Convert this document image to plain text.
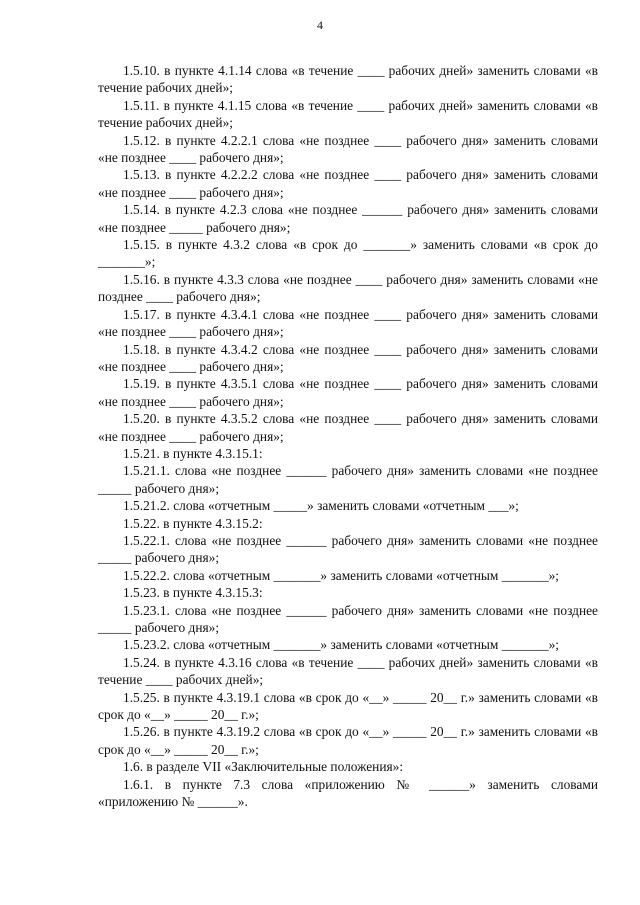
4

1.5.10. в пункте 4.1.14 слова «в течение ____ рабочих дней» заменить словами «в течение рабочих дней»;

1.5.11. в пункте 4.1.15 слова «в течение ____ рабочих дней» заменить словами «в течение рабочих дней»;

1.5.12. в пункте 4.2.2.1 слова «не позднее ____ рабочего дня» заменить словами «не позднее ____ рабочего дня»;

1.5.13. в пункте 4.2.2.2 слова «не позднее ____ рабочего дня» заменить словами «не позднее ____ рабочего дня»;

1.5.14. в пункте 4.2.3 слова «не позднее ______ рабочего дня» заменить словами «не позднее _____ рабочего дня»;

1.5.15. в пункте 4.3.2 слова «в срок до _______» заменить словами «в срок до _______»;

1.5.16. в пункте 4.3.3 слова «не позднее ____ рабочего дня» заменить словами «не позднее ____ рабочего дня»;

1.5.17. в пункте 4.3.4.1 слова «не позднее ____ рабочего дня» заменить словами «не позднее ____ рабочего дня»;

1.5.18. в пункте 4.3.4.2 слова «не позднее ____ рабочего дня» заменить словами «не позднее ____ рабочего дня»;

1.5.19. в пункте 4.3.5.1 слова «не позднее ____ рабочего дня» заменить словами «не позднее ____ рабочего дня»;

1.5.20. в пункте 4.3.5.2 слова «не позднее ____ рабочего дня» заменить словами «не позднее ____ рабочего дня»;

1.5.21. в пункте 4.3.15.1:

1.5.21.1. слова «не позднее ______ рабочего дня» заменить словами «не позднее _____ рабочего дня»;

1.5.21.2. слова «отчетным _____» заменить словами «отчетным ___»;

1.5.22. в пункте 4.3.15.2:

1.5.22.1. слова «не позднее ______ рабочего дня» заменить словами «не позднее _____ рабочего дня»;

1.5.22.2. слова «отчетным _______» заменить словами «отчетным _______»;

1.5.23. в пункте 4.3.15.3:

1.5.23.1. слова «не позднее ______ рабочего дня» заменить словами «не позднее _____ рабочего дня»;

1.5.23.2. слова «отчетным _______» заменить словами «отчетным _______»;

1.5.24. в пункте 4.3.16 слова «в течение ____ рабочих дней» заменить словами «в течение ____ рабочих дней»;

1.5.25. в пункте 4.3.19.1 слова «в срок до «__» _____ 20__ г.» заменить словами «в срок до «__» _____ 20__ г.»;

1.5.26. в пункте 4.3.19.2 слова «в срок до «__» _____ 20__ г.» заменить словами «в срок до «__» _____ 20__ г.»;

1.6. в разделе VII «Заключительные положения»:

1.6.1. в пункте 7.3 слова «приложению № ______» заменить словами «приложению № ______».
